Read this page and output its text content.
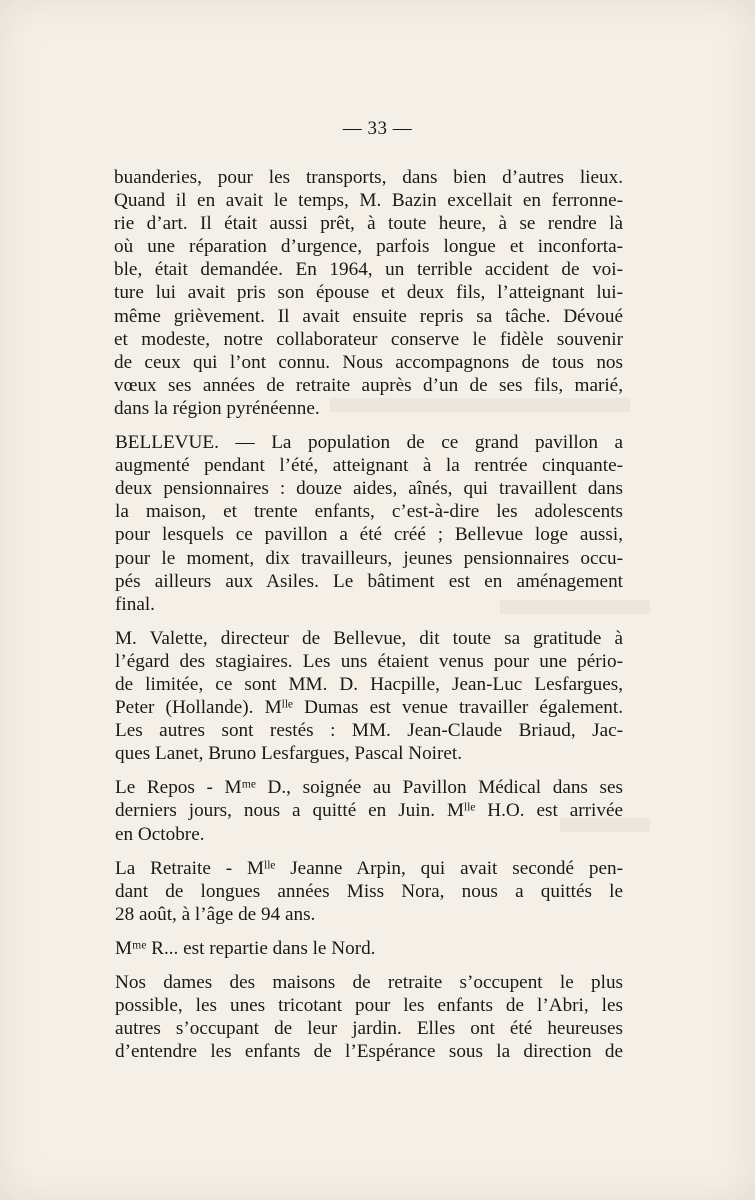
— 33 —
buanderies, pour les transports, dans bien d’autres lieux.
Quand il en avait le temps, M. Bazin excellait en ferronne-
rie d’art. Il était aussi prêt, à toute heure, à se rendre là
où une réparation d’urgence, parfois longue et inconforta-
ble, était demandée. En 1964, un terrible accident de voi-
ture lui avait pris son épouse et deux fils, l’atteignant lui-
même grièvement. Il avait ensuite repris sa tâche. Dévoué
et modeste, notre collaborateur conserve le fidèle souvenir
de ceux qui l’ont connu. Nous accompagnons de tous nos
vœux ses années de retraite auprès d’un de ses fils, marié,
dans la région pyrénéenne.
BELLEVUE. — La population de ce grand pavillon a
augmenté pendant l’été, atteignant à la rentrée cinquante-
deux pensionnaires : douze aides, aînés, qui travaillent dans
la maison, et trente enfants, c’est-à-dire les adolescents
pour lesquels ce pavillon a été créé ; Bellevue loge aussi,
pour le moment, dix travailleurs, jeunes pensionnaires occu-
pés ailleurs aux Asiles. Le bâtiment est en aménagement
final.
M. Valette, directeur de Bellevue, dit toute sa gratitude à
l’égard des stagiaires. Les uns étaient venus pour une pério-
de limitée, ce sont MM. D. Hacpille, Jean-Luc Lesfargues,
Peter (Hollande). Mˡˡᵉ Dumas est venue travailler également.
Les autres sont restés : MM. Jean-Claude Briaud, Jac-
ques Lanet, Bruno Lesfargues, Pascal Noiret.
Le Repos - Mᵐᵉ D., soignée au Pavillon Médical dans ses
derniers jours, nous a quitté en Juin. Mˡˡᵉ H.O. est arrivée
en Octobre.
La Retraite - Mˡˡᵉ Jeanne Arpin, qui avait secondé pen-
dant de longues années Miss Nora, nous a quittés le
28 août, à l’âge de 94 ans.
Mᵐᵉ R... est repartie dans le Nord.
Nos dames des maisons de retraite s’occupent le plus
possible, les unes tricotant pour les enfants de l’Abri, les
autres s’occupant de leur jardin. Elles ont été heureuses
d’entendre les enfants de l’Espérance sous la direction de
